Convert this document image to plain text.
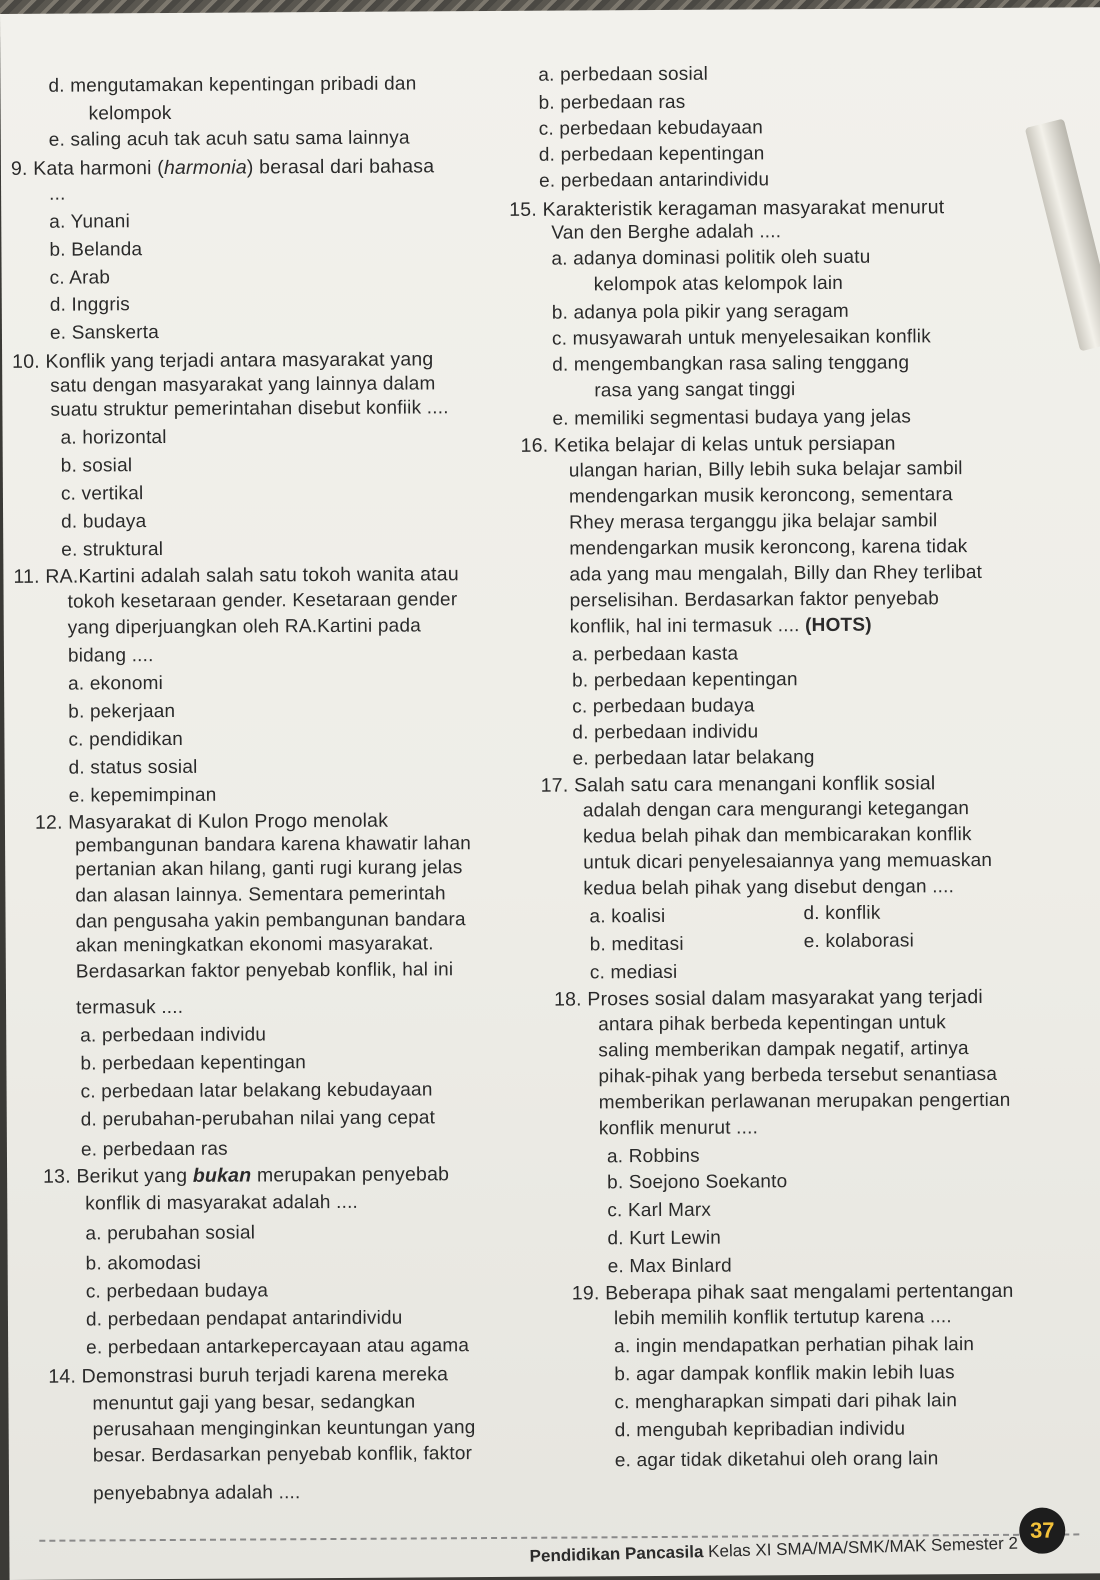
d. mengutamakan kepentingan pribadi dan
kelompok
e. saling acuh tak acuh satu sama lainnya
9. Kata harmoni (harmonia) berasal dari bahasa
...
a. Yunani
b. Belanda
c. Arab
d. Inggris
e. Sanskerta
10. Konflik yang terjadi antara masyarakat yang
satu dengan masyarakat yang lainnya dalam
suatu struktur pemerintahan disebut konfiik ....
a. horizontal
b. sosial
c. vertikal
d. budaya
e. struktural
11. RA.Kartini adalah salah satu tokoh wanita atau
tokoh kesetaraan gender. Kesetaraan gender
yang diperjuangkan oleh RA.Kartini pada
bidang ....
a. ekonomi
b. pekerjaan
c. pendidikan
d. status sosial
e. kepemimpinan
12. Masyarakat di Kulon Progo menolak
pembangunan bandara karena khawatir lahan
pertanian akan hilang, ganti rugi kurang jelas
dan alasan lainnya. Sementara pemerintah
dan pengusaha yakin pembangunan bandara
akan meningkatkan ekonomi masyarakat.
Berdasarkan faktor penyebab konflik, hal ini
termasuk ....
a. perbedaan individu
b. perbedaan kepentingan
c. perbedaan latar belakang kebudayaan
d. perubahan-perubahan nilai yang cepat
e. perbedaan ras
13. Berikut yang bukan merupakan penyebab
konflik di masyarakat adalah ....
a. perubahan sosial
b. akomodasi
c. perbedaan budaya
d. perbedaan pendapat antarindividu
e. perbedaan antarkepercayaan atau agama
14. Demonstrasi buruh terjadi karena mereka
menuntut gaji yang besar, sedangkan
perusahaan menginginkan keuntungan yang
besar. Berdasarkan penyebab konflik, faktor
penyebabnya adalah ....
a. perbedaan sosial
b. perbedaan ras
c. perbedaan kebudayaan
d. perbedaan kepentingan
e. perbedaan antarindividu
15. Karakteristik keragaman masyarakat menurut
Van den Berghe adalah ....
a. adanya dominasi politik oleh suatu
kelompok atas kelompok lain
b. adanya pola pikir yang seragam
c. musyawarah untuk menyelesaikan konflik
d. mengembangkan rasa saling tenggang
rasa yang sangat tinggi
e. memiliki segmentasi budaya yang jelas
16. Ketika belajar di kelas untuk persiapan
ulangan harian, Billy lebih suka belajar sambil
mendengarkan musik keroncong, sementara
Rhey merasa terganggu jika belajar sambil
mendengarkan musik keroncong, karena tidak
ada yang mau mengalah, Billy dan Rhey terlibat
perselisihan. Berdasarkan faktor penyebab
konflik, hal ini termasuk .... (HOTS)
a. perbedaan kasta
b. perbedaan kepentingan
c. perbedaan budaya
d. perbedaan individu
e. perbedaan latar belakang
17. Salah satu cara menangani konflik sosial
adalah dengan cara mengurangi ketegangan
kedua belah pihak dan membicarakan konflik
untuk dicari penyelesaiannya yang memuaskan
kedua belah pihak yang disebut dengan ....
a. koalisi	d. konflik
b. meditasi	e. kolaborasi
c. mediasi
18. Proses sosial dalam masyarakat yang terjadi
antara pihak berbeda kepentingan untuk
saling memberikan dampak negatif, artinya
pihak-pihak yang berbeda tersebut senantiasa
memberikan perlawanan merupakan pengertian
konflik menurut ....
a. Robbins
b. Soejono Soekanto
c. Karl Marx
d. Kurt Lewin
e. Max Binlard
19. Beberapa pihak saat mengalami pertentangan
lebih memilih konflik tertutup karena ....
a. ingin mendapatkan perhatian pihak lain
b. agar dampak konflik makin lebih luas
c. mengharapkan simpati dari pihak lain
d. mengubah kepribadian individu
e. agar tidak diketahui oleh orang lain
Pendidikan Pancasila Kelas XI SMA/MA/SMK/MAK Semester 2
37
